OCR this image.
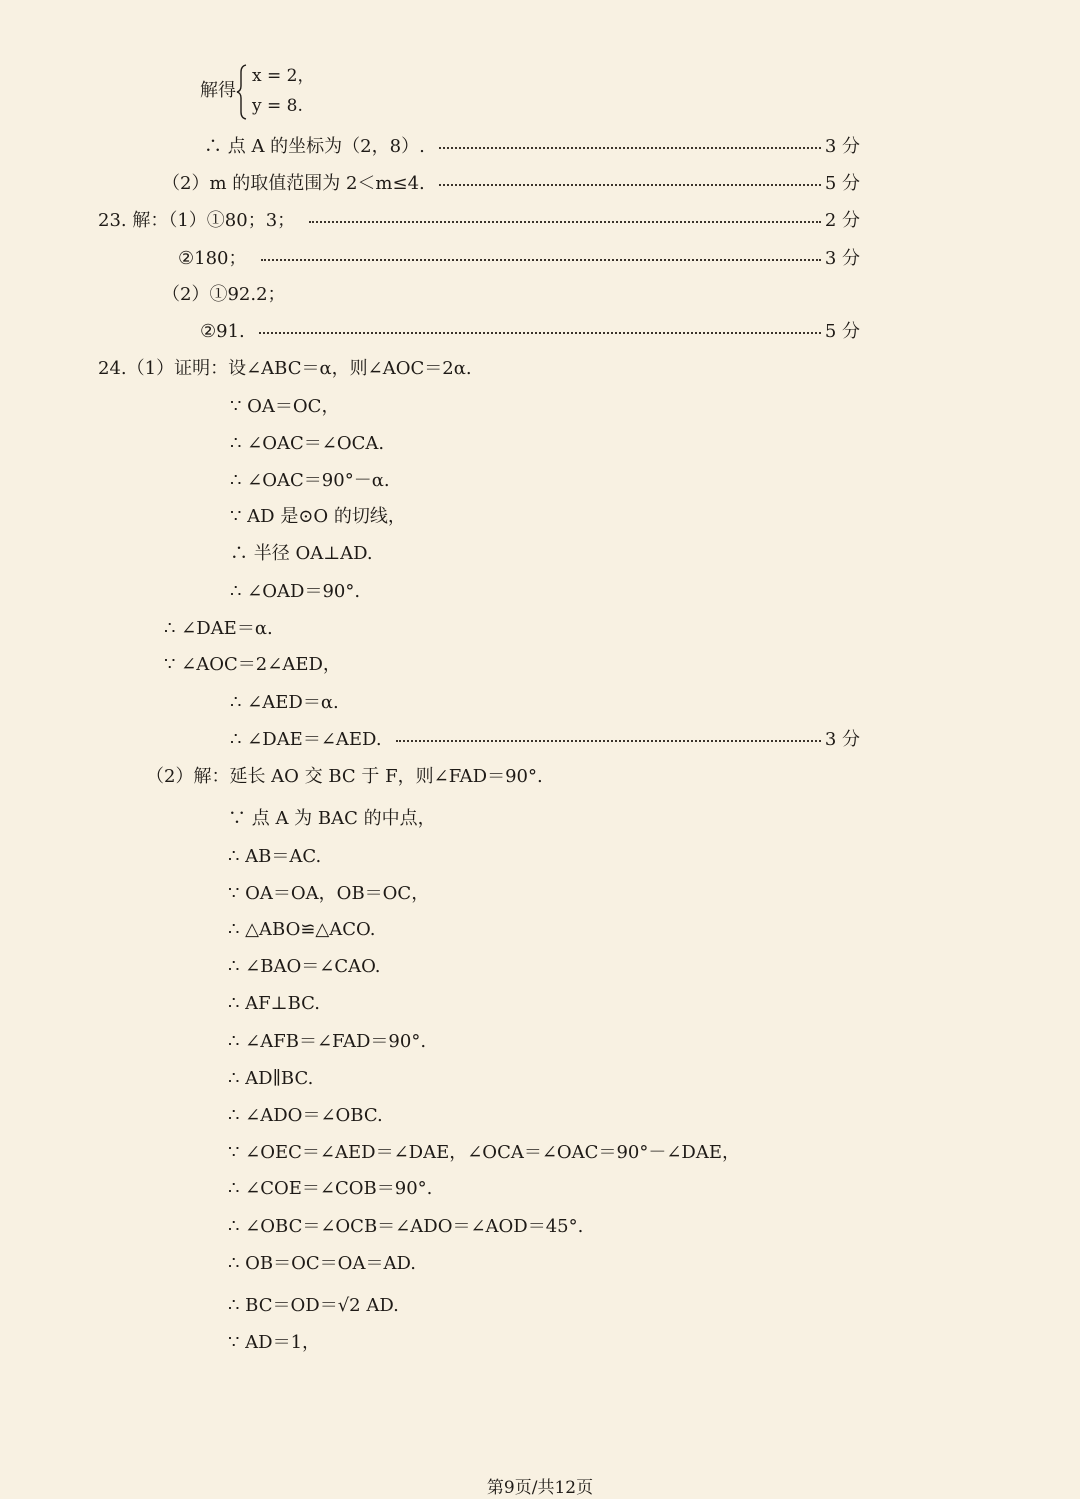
解得
x = 2，
y = 8.
∴ 点 A 的坐标为（2，8）.	3 分
（2）m 的取值范围为 2＜m≤4.	5 分
23. 解：（1）①80；3；	2 分
②180；	3 分
（2）①92.2；
②91.	5 分
24.（1）证明：设∠ABC＝α，则∠AOC＝2α.
∵ OA＝OC，
∴ ∠OAC＝∠OCA.
∴ ∠OAC＝90°－α.
∵ AD 是⊙O 的切线，
∴ 半径 OA⊥AD.
∴ ∠OAD＝90°.
∴ ∠DAE＝α.
∵ ∠AOC＝2∠AED，
∴ ∠AED＝α.
∴ ∠DAE＝∠AED.	3 分
（2）解：延长 AO 交 BC 于 F，则∠FAD＝90°.
∵ 点 A 为 BAC 的中点，
∴ AB＝AC.
∵ OA＝OA，OB＝OC，
∴ △ABO≌△ACO.
∴ ∠BAO＝∠CAO.
∴ AF⊥BC.
∴ ∠AFB＝∠FAD＝90°.
∴ AD∥BC.
∴ ∠ADO＝∠OBC.
∵ ∠OEC＝∠AED＝∠DAE，∠OCA＝∠OAC＝90°－∠DAE，
∴ ∠COE＝∠COB＝90°.
∴ ∠OBC＝∠OCB＝∠ADO＝∠AOD＝45°.
∴ OB＝OC＝OA＝AD.
∴ BC＝OD＝√2 AD.
∵ AD＝1，
第9页/共12页
